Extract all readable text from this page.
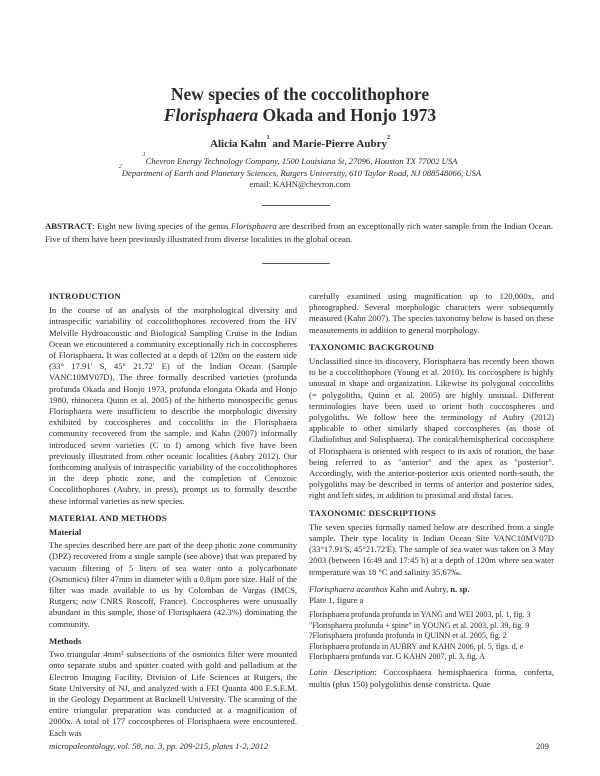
New species of the coccolithophore
Florisphaera Okada and Honjo 1973
Alicia Kahn$^1$ and Marie-Pierre Aubry$^2$
$^1$Chevron Energy Technology Company, 1500 Louisiana St, 27096, Houston TX 77002 USA
$^2$Department of Earth and Planetary Sciences, Rutgers University, 610 Taylor Road, NJ 088548066, USA
email: KAHN@chevron.com
ABSTRACT: Eight new living species of the genus Florisphaera are described from an exceptionally rich water sample from the Indian Ocean. Five of them have been previously illustrated from diverse localities in the global ocean.
INTRODUCTION

In the course of an analysis of the morphological diversity and intraspecific variability of coccolithophores recovered from the HV Melville Hydroacoustic and Biological Sampling Cruise in the Indian Ocean we encountered a community exceptionally rich in coccospheres of Florisphaera. It was collected at a depth of 120m on the eastern side (33° 17.91' S, 45° 21.72' E) of the Indian Ocean (Sample VANC10MV07D). The three formally described varieties (profunda profunda Okada and Honjo 1973, profunda elongata Okada and Honjo 1980, rhinocera Quinn et al. 2005) of the hitherto monospecific genus Florisphaera were insufficient to describe the morphologic diversity exhibited by coccospheres and coccoliths in the Florisphaera community recovered from the sample, and Kahn (2007) informally introduced seven varieties (C to I) among which five have been previously illustrated from other oceanic localities (Aubry 2012). Our forthcoming analysis of intraspecific variability of the coccolithophores in the deep photic zone, and the completion of Cenozoic Coccolithophores (Aubry, in press), prompt us to formally describe these informal varieties as new species.

MATERIAL AND METHODS
Material

The species described here are part of the deep photic zone community (DPZ) recovered from a single sample (see above) that was prepared by vacuum filtering of 5 liters of sea water onto a polycarbonate (Osmonics) filter 47mm in diameter with a 0.8µm pore size. Half of the filter was made available to us by Colomban de Vargas (IMCS, Rutgers; now CNRS Roscoff, France). Coccospheres were unusually abundant in this sample, those of Florisphaera (42.3%) dominating the community.

Methods

Two triangular 4mm² subsections of the osmonics filter were mounted onto separate stubs and sputter coated with gold and palladium at the Electron Imaging Facility, Division of Life Sciences at Rutgers, the State University of NJ, and analyzed with a FEI Quanta 400 E.S.E.M. in the Geology Department at Bucknell University. The scanning of the entire triangular preparation was conducted at a magnification of 2000x. A total of 177 coccospheres of Florisphaera were encountered. Each was

carefully examined using magnification up to 120,000x, and photographed. Several morphologic characters were subsequently measured (Kahn 2007). The species taxonomy below is based on these measurements in addition to general morphology.

TAXONOMIC BACKGROUND

Unclassified since its discovery, Florisphaera has recently been shown to be a coccolithophore (Young et al. 2010). Its coccosphere is highly unusual in shape and organization. Likewise its polygonal coccoliths (= polygoliths, Quinn et al. 2005) are highly unusual. Different terminologies have been used to orient both coccospheres and polygoliths. We follow here the terminology of Aubry (2012) applicable to other similarly shaped coccospheres (as those of Gladiolithus and Solisphaera). The conical/hemispherical coccosphere of Florisphaera is oriented with respect to its axis of rotation, the base being referred to as "anterior" and the apex as "posterior". Accordingly, with the anterior-posterior axis oriented north-south, the polygoliths may be described in terms of anterior and posterior sides, right and left sides, in addition to proximal and distal faces.

TAXONOMIC DESCRIPTIONS

The seven species formally named below are described from a single sample. Their type locality is Indian Ocean Site VANC10MV07D (33°17.91'S, 45°21.72'E). The sample of sea water was taken on 3 May 2003 (between 16:49 and 17:45 h) at a depth of 120m where sea water temperature was 18 °C and salinity 35.67‰.

Florisphaera acanthos Kahn and Aubry, n. sp.

Plate 1, figure a

Florisphaera profunda profunda in YANG and WEI 2003, pl. 1, fig. 3

"Florisphaera profunda + spine" in YOUNG et al. 2003, pl. 39, fig. 9

?Florisphaera profunda profunda in QUINN et al. 2005, fig. 2

Florisphaera profunda in AUBRY and KAHN 2006, pl. 5, figs. d, e

Florisphaera profunda var. G KAHN 2007, pl. 3, fig. A

Latin Description: Coccosphaera hemisphaerica forma, conferta, multis (plus 150) polygolithis dense constricta. Quae

micropaleontology, vol. 58, no. 3, pp. 209-215, plates 1-2, 2012	209
